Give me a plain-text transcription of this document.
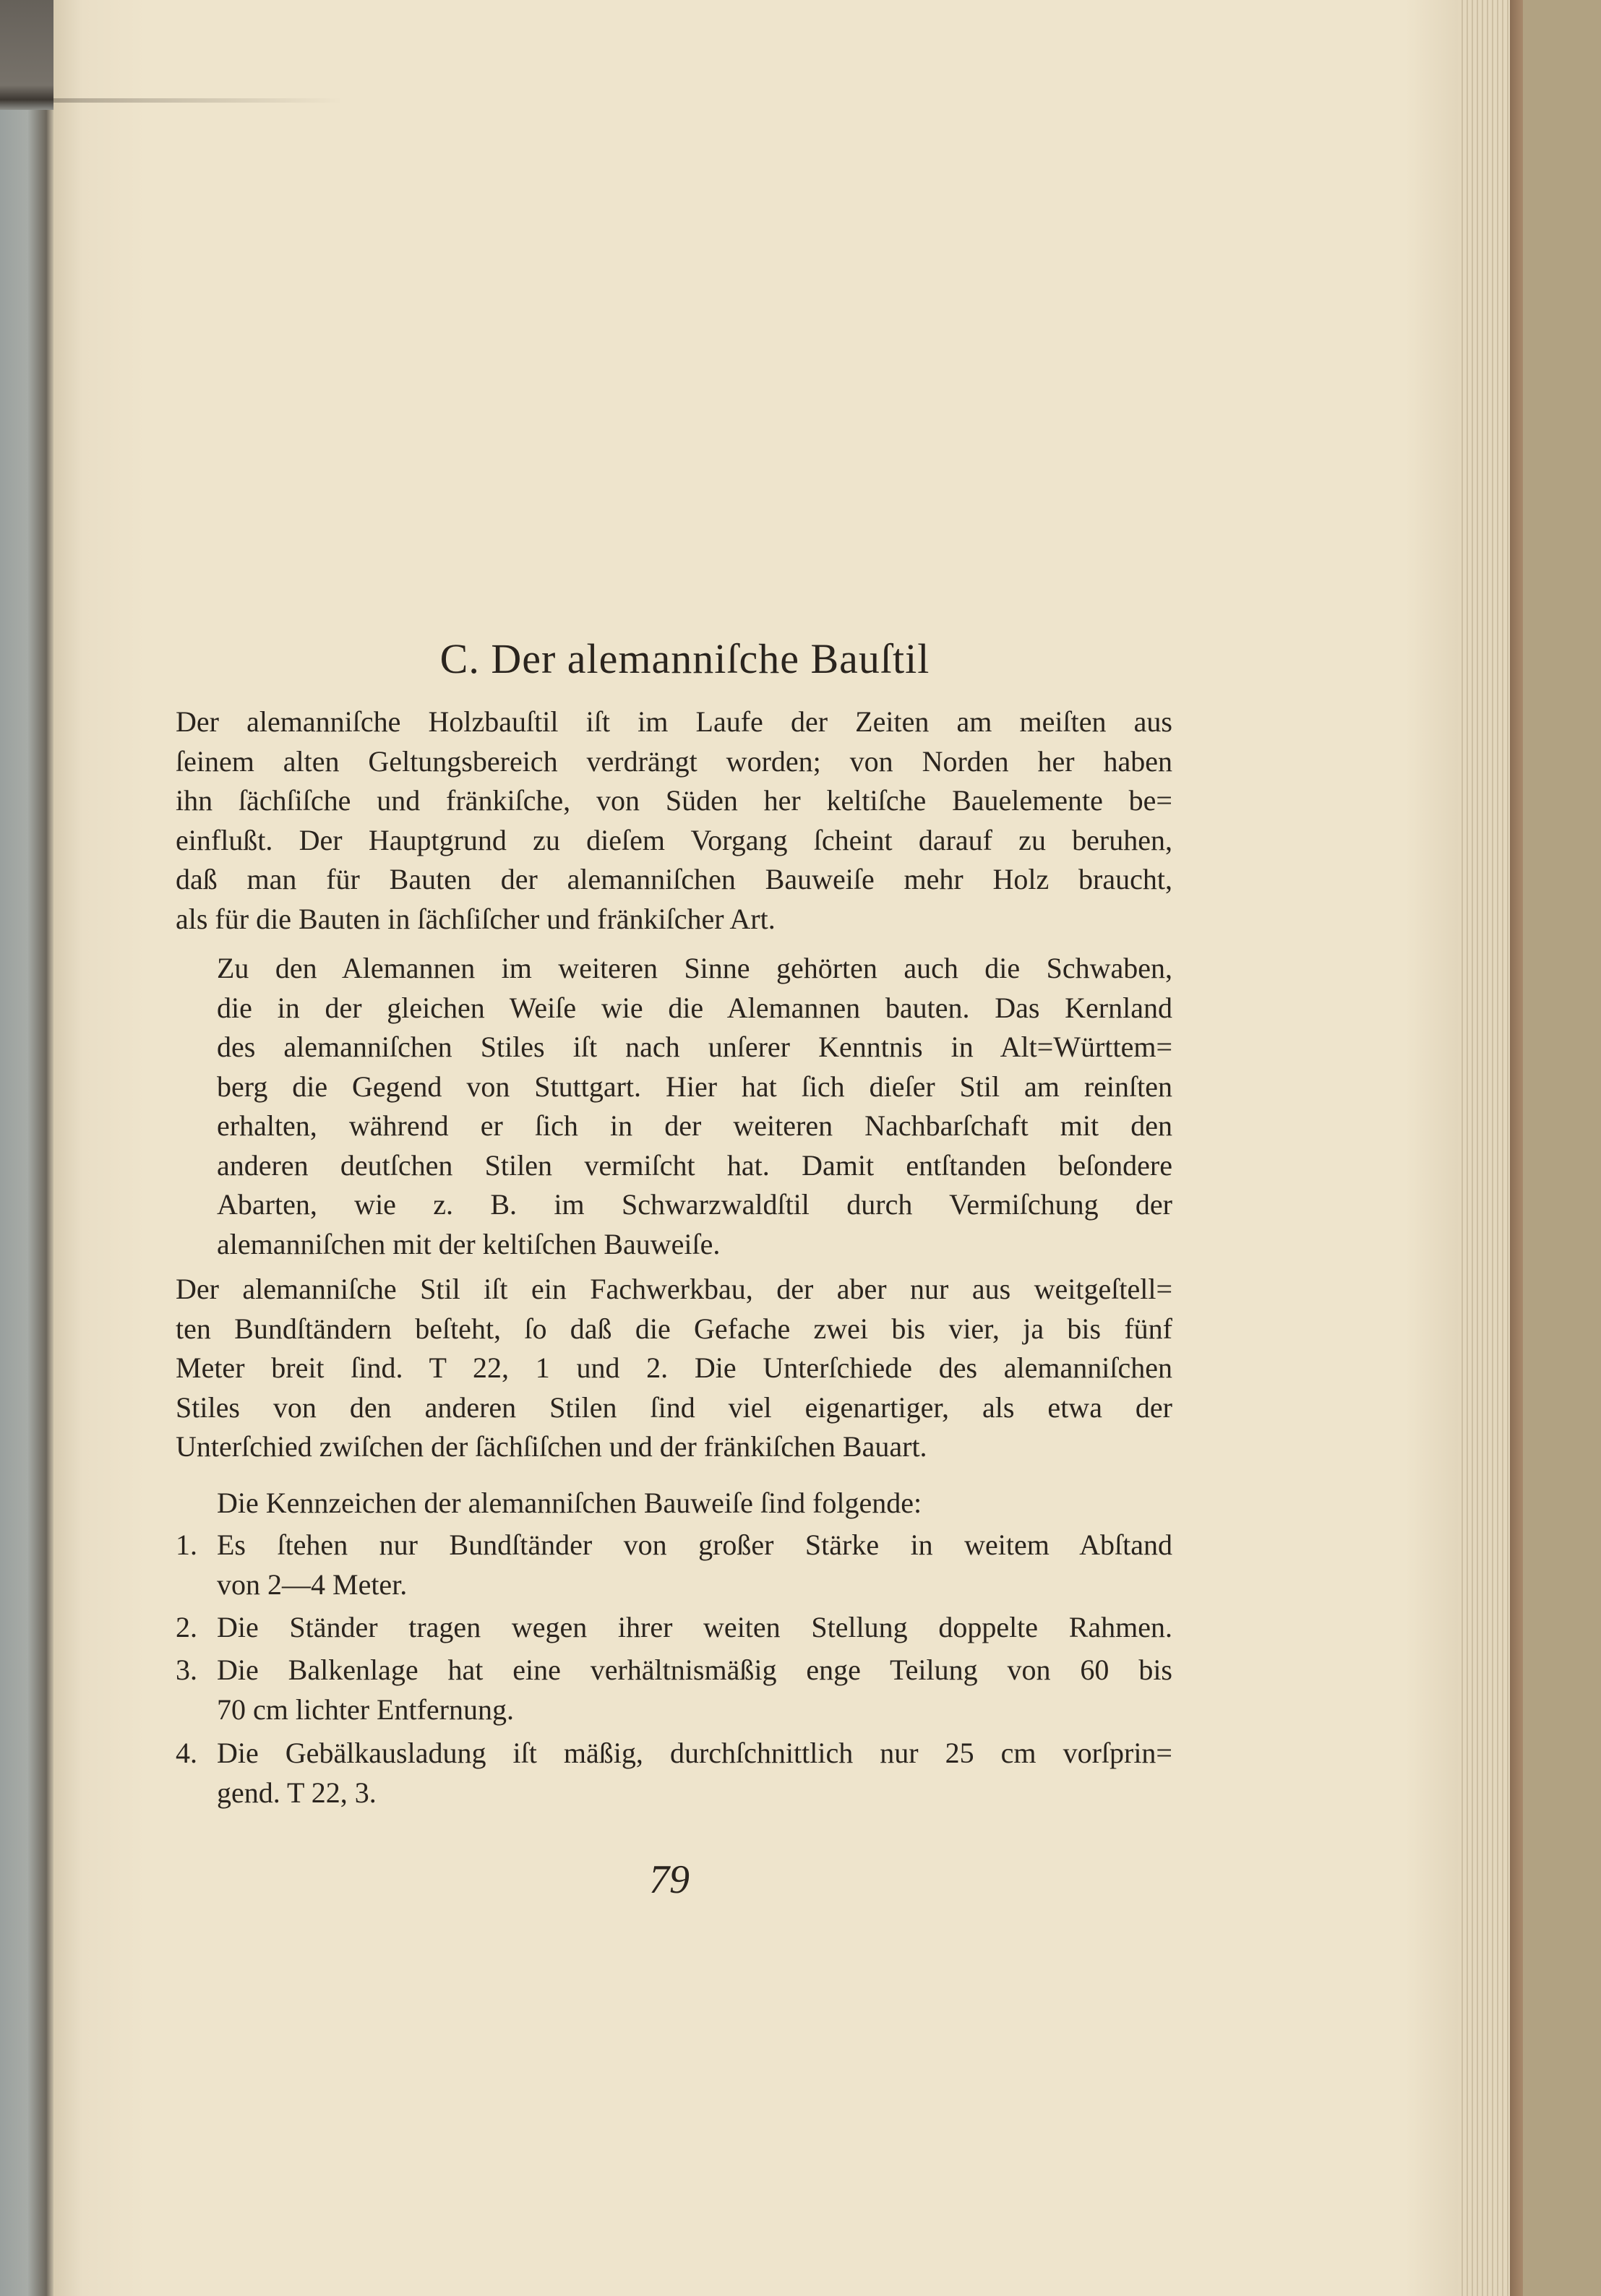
C. Der alemanniſche Bauſtil
Der alemanniſche Holzbauſtil iſt im Laufe der Zeiten am meiſten aus
ſeinem alten Geltungsbereich verdrängt worden; von Norden her haben
ihn ſächſiſche und fränkiſche, von Süden her keltiſche Bauelemente be=
einflußt. Der Hauptgrund zu dieſem Vorgang ſcheint darauf zu beruhen,
daß man für Bauten der alemanniſchen Bauweiſe mehr Holz braucht,
als für die Bauten in ſächſiſcher und fränkiſcher Art.
Zu den Alemannen im weiteren Sinne gehörten auch die Schwaben,
die in der gleichen Weiſe wie die Alemannen bauten. Das Kernland
des alemanniſchen Stiles iſt nach unſerer Kenntnis in Alt=Württem=
berg die Gegend von Stuttgart. Hier hat ſich dieſer Stil am reinſten
erhalten, während er ſich in der weiteren Nachbarſchaft mit den
anderen deutſchen Stilen vermiſcht hat. Damit entſtanden beſondere
Abarten, wie z. B. im Schwarzwaldſtil durch Vermiſchung der
alemanniſchen mit der keltiſchen Bauweiſe.
Der alemanniſche Stil iſt ein Fachwerkbau, der aber nur aus weitgeſtell=
ten Bundſtändern beſteht, ſo daß die Gefache zwei bis vier, ja bis fünf
Meter breit ſind. T 22, 1 und 2. Die Unterſchiede des alemanniſchen
Stiles von den anderen Stilen ſind viel eigenartiger, als etwa der
Unterſchied zwiſchen der ſächſiſchen und der fränkiſchen Bauart.
Die Kennzeichen der alemanniſchen Bauweiſe ſind folgende:
1. Es ſtehen nur Bundſtänder von großer Stärke in weitem Abſtand
von 2—4 Meter.
2. Die Ständer tragen wegen ihrer weiten Stellung doppelte Rahmen.
3. Die Balkenlage hat eine verhältnismäßig enge Teilung von 60 bis
70 cm lichter Entfernung.
4. Die Gebälkausladung iſt mäßig, durchſchnittlich nur 25 cm vorſprin=
gend. T 22, 3.
79
